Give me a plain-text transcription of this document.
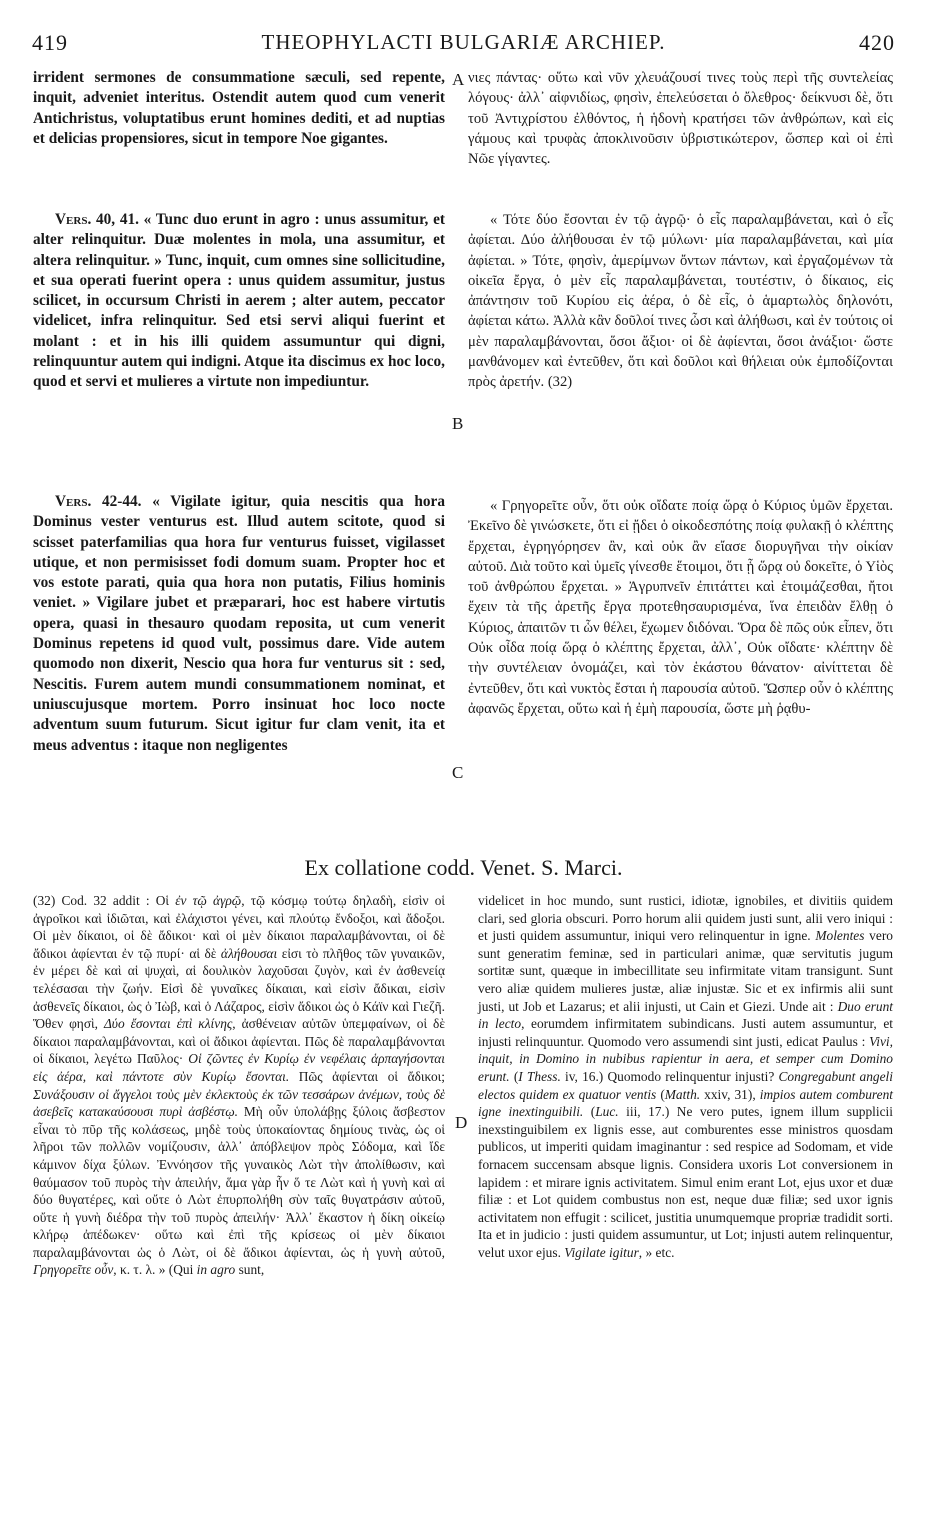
419	THEOPHYLACTI BULGARIÆ ARCHIEP.	420

irrident sermones de consummatione sæculi, sed repente, inquit, adveniet interitus. Ostendit autem quod cum venerit Antichristus, voluptatibus erunt homines dediti, et ad nuptias et delicias propensiores, sicut in tempore Noe gigantes.

Vers. 40, 41. « Tunc duo erunt in agro : unus assumitur, et alter relinquitur. Duæ molentes in mola, una assumitur, et altera relinquitur. » Tunc, inquit, cum omnes sine sollicitudine, et sua operati fuerint opera : unus quidem assumitur, justus scilicet, in occursum Christi in aerem ; alter autem, peccator videlicet, infra relinquitur. Sed etsi servi aliqui fuerint et molant : et in his illi quidem assumuntur qui digni, relinquuntur autem qui indigni. Atque ita discimus ex hoc loco, quod et servi et mulieres a virtute non impediuntur.

Vers. 42-44. « Vigilate igitur, quia nescitis qua hora Dominus vester venturus est. Illud autem scitote, quod si scisset paterfamilias qua hora fur venturus fuisset, vigilasset utique, et non permisisset fodi domum suam. Propter hoc et vos estote parati, quia qua hora non putatis, Filius hominis veniet. » Vigilare jubet et præparari, hoc est habere virtutis opera, quasi in thesauro quodam reposita, ut cum venerit Dominus repetens id quod vult, possimus dare. Vide autem quomodo non dixerit, Nescio qua hora fur venturus sit : sed, Nescitis. Furem autem mundi consummationem nominat, et uniuscujusque mortem. Porro insinuat hoc loco nocte adventum suum futurum. Sicut igitur fur clam venit, ita et meus adventus : itaque non negligentes

νιες πάντας· οὕτω καὶ νῦν χλευάζουσί τινες τοὺς περὶ τῆς συντελείας λόγους· ἀλλ᾽ αἰφνιδίως, φησὶν, ἐπελεύσεται ὁ ὄλεθρος· δείκνυσι δὲ, ὅτι τοῦ Ἀντιχρίστου ἐλθόντος, ἡ ἡδονὴ κρατήσει τῶν ἀνθρώπων, καὶ εἰς γάμους καὶ τρυφὰς ἀποκλινοῦσιν ὑβριστικώτερον, ὥσπερ καὶ οἱ ἐπὶ Νῶε γίγαντες.

« Τότε δύο ἔσονται ἐν τῷ ἀγρῷ· ὁ εἷς παραλαμβάνεται, καὶ ὁ εἷς ἀφίεται. Δύο ἀλήθουσαι ἐν τῷ μύλωνι· μία παραλαμβάνεται, καὶ μία ἀφίεται. » Τότε, φησὶν, ἀμερίμνων ὄντων πάντων, καὶ ἐργαζομένων τὰ οἰκεῖα ἔργα, ὁ μὲν εἷς παραλαμβάνεται, τουτέστιν, ὁ δίκαιος, εἰς ἀπάντησιν τοῦ Κυρίου εἰς ἀέρα, ὁ δὲ εἷς, ὁ ἁμαρτωλὸς δηλονότι, ἀφίεται κάτω. Ἀλλὰ κἂν δοῦλοί τινες ὦσι καὶ ἀλήθωσι, καὶ ἐν τούτοις οἱ μὲν παραλαμβάνονται, ὅσοι ἄξιοι· οἱ δὲ ἀφίενται, ὅσοι ἀνάξιοι· ὥστε μανθάνομεν καὶ ἐντεῦθεν, ὅτι καὶ δοῦλοι καὶ θήλειαι οὐκ ἐμποδίζονται πρὸς ἀρετήν. (32)

« Γρηγορεῖτε οὖν, ὅτι οὐκ οἴδατε ποίᾳ ὥρᾳ ὁ Κύριος ὑμῶν ἔρχεται. Ἐκεῖνο δὲ γινώσκετε, ὅτι εἰ ᾔδει ὁ οἰκοδεσπότης ποίᾳ φυλακῇ ὁ κλέπτης ἔρχεται, ἐγρηγόρησεν ἂν, καὶ οὐκ ἂν εἴασε διορυγῆναι τὴν οἰκίαν αὐτοῦ. Διὰ τοῦτο καὶ ὑμεῖς γίνεσθε ἕτοιμοι, ὅτι ᾗ ὥρᾳ οὐ δοκεῖτε, ὁ Υἱὸς τοῦ ἀνθρώπου ἔρχεται. » Ἀγρυπνεῖν ἐπιτάττει καὶ ἑτοιμάζεσθαι, ἤτοι ἔχειν τὰ τῆς ἀρετῆς ἔργα προτεθησαυρισμένα, ἵνα ἐπειδὰν ἔλθῃ ὁ Κύριος, ἀπαιτῶν τι ὧν θέλει, ἔχωμεν διδόναι. Ὅρα δὲ πῶς οὐκ εἶπεν, ὅτι Οὐκ οἶδα ποίᾳ ὥρᾳ ὁ κλέπτης ἔρχεται, ἀλλ᾽, Οὐκ οἴδατε· κλέπτην δὲ τὴν συντέλειαν ὀνομάζει, καὶ τὸν ἑκάστου θάνατον· αἰνίττεται δὲ ἐντεῦθεν, ὅτι καὶ νυκτὸς ἔσται ἡ παρουσία αὐτοῦ. Ὥσπερ οὖν ὁ κλέπτης ἀφανῶς ἔρχεται, οὕτω καὶ ἡ ἐμὴ παρουσία, ὥστε μὴ ῥᾳθυ-

A
B
C
D
Ex collatione codd. Venet. S. Marci.
(32) Cod. 32 addit : Οἱ ἐν τῷ ἀγρῷ, τῷ κόσμῳ τούτῳ δηλαδὴ, εἰσὶν οἱ ἀγροῖκοι καὶ ἰδιῶται, καὶ ἐλάχιστοι γένει, καὶ πλούτῳ ἔνδοξοι, καὶ ἄδοξοι. Οἱ μὲν δίκαιοι, οἱ δὲ ἄδικοι· καὶ οἱ μὲν δίκαιοι παραλαμβάνονται, οἱ δὲ ἄδικοι ἀφίενται ἐν τῷ πυρί· αἱ δὲ ἀλήθουσαι εἰσι τὸ πλῆθος τῶν γυναικῶν, ἐν μέρει δὲ καὶ αἱ ψυχαὶ, αἱ δουλικὸν λαχοῦσαι ζυγὸν, καὶ ἐν ἀσθενείᾳ τελέσασαι τὴν ζωήν. Εἰσὶ δὲ γυναῖκες δίκαιαι, καὶ εἰσὶν ἄδικαι, εἰσὶν ἀσθενεῖς δίκαιοι, ὡς ὁ Ἰὼβ, καὶ ὁ Λάζαρος, εἰσὶν ἄδικοι ὡς ὁ Κάϊν καὶ Γιεζῆ. Ὅθεν φησὶ, Δύο ἔσονται ἐπὶ κλίνης, ἀσθένειαν αὐτῶν ὑπεμφαίνων, οἱ δὲ δίκαιοι παραλαμβάνονται, καὶ οἱ ἄδικοι ἀφίενται. Πῶς δὲ παραλαμβάνονται οἱ δίκαιοι, λεγέτω Παῦλος· Οἱ ζῶντες ἐν Κυρίῳ ἐν νεφέλαις ἁρπαγήσονται εἰς ἀέρα, καὶ πάντοτε σὺν Κυρίῳ ἔσονται. Πῶς ἀφίενται οἱ ἄδικοι; Συνάξουσιν οἱ ἄγγελοι τοὺς μὲν ἐκλεκτοὺς ἐκ τῶν τεσσάρων ἀνέμων, τοὺς δὲ ἀσεβεῖς κατακαύσουσι πυρὶ ἀσβέστῳ. Μὴ οὖν ὑπολάβῃς ξύλοις ἄσβεστον εἶναι τὸ πῦρ τῆς κολάσεως, μηδὲ τοὺς ὑποκαίοντας δημίους τινὰς, ὡς οἱ λῆροι τῶν πολλῶν νομίζουσιν, ἀλλ᾽ ἀπόβλεψον πρὸς Σόδομα, καὶ ἴδε κάμινον δίχα ξύλων. Ἐννόησον τῆς γυναικὸς Λὼτ τὴν ἀπολίθωσιν, καὶ θαύμασον τοῦ πυρὸς τὴν ἀπειλήν, ἅμα γὰρ ἦν ὅ τε Λὼτ καὶ ἡ γυνὴ καὶ αἱ δύο θυγατέρες, καὶ οὔτε ὁ Λὼτ ἐπυρπολήθη σὺν ταῖς θυγατράσιν αὐτοῦ, οὔτε ἡ γυνὴ διέδρα τὴν τοῦ πυρὸς ἀπειλήν· Ἀλλ᾽ ἕκαστον ἡ δίκη οἰκείῳ κλήρῳ ἀπέδωκεν· οὕτω καὶ ἐπὶ τῆς κρίσεως οἱ μὲν δίκαιοι παραλαμβάνονται ὡς ὁ Λὼτ, οἱ δὲ ἄδικοι ἀφίενται, ὡς ἡ γυνὴ αὐτοῦ, Γρηγορεῖτε οὖν, κ. τ. λ. » (Qui in agro sunt,
videlicet in hoc mundo, sunt rustici, idiotæ, ignobiles, et divitiis quidem clari, sed gloria obscuri. Porro horum alii quidem justi sunt, alii vero iniqui : et justi quidem assumuntur, iniqui vero relinquentur in igne. Molentes vero sunt generatim feminæ, sed in particulari animæ, quæ servitutis jugum sortitæ sunt, quæque in imbecillitate seu infirmitate vitam transigunt. Sunt vero aliæ quidem mulieres justæ, aliæ injustæ. Sic et ex infirmis alii sunt justi, ut Job et Lazarus; et alii injusti, ut Cain et Giezi. Unde ait : Duo erunt in lecto, eorumdem infirmitatem subindicans. Justi autem assumuntur, et injusti relinquuntur. Quomodo vero assumendi sint justi, edicat Paulus : Vivi, inquit, in Domino in nubibus rapientur in aera, et semper cum Domino erunt. (I Thess. iv, 16.) Quomodo relinquentur injusti? Congregabunt angeli electos quidem ex quatuor ventis (Matth. xxiv, 31), impios autem comburent igne inextinguibili. (Luc. iii, 17.) Ne vero putes, ignem illum supplicii inexstinguibilem ex lignis esse, aut comburentes esse ministros quosdam publicos, ut imperiti quidam imaginantur : sed respice ad Sodomam, et vide fornacem succensam absque lignis. Considera uxoris Lot conversionem in lapidem : et mirare ignis activitatem. Simul enim erant Lot, ejus uxor et duæ filiæ : et Lot quidem combustus non est, neque duæ filiæ; sed uxor ignis activitatem non effugit : scilicet, justitia unumquemque propriæ tradidit sorti. Ita et in judicio : justi quidem assumuntur, ut Lot; injusti autem relinquentur, velut uxor ejus. Vigilate igitur, » etc.
